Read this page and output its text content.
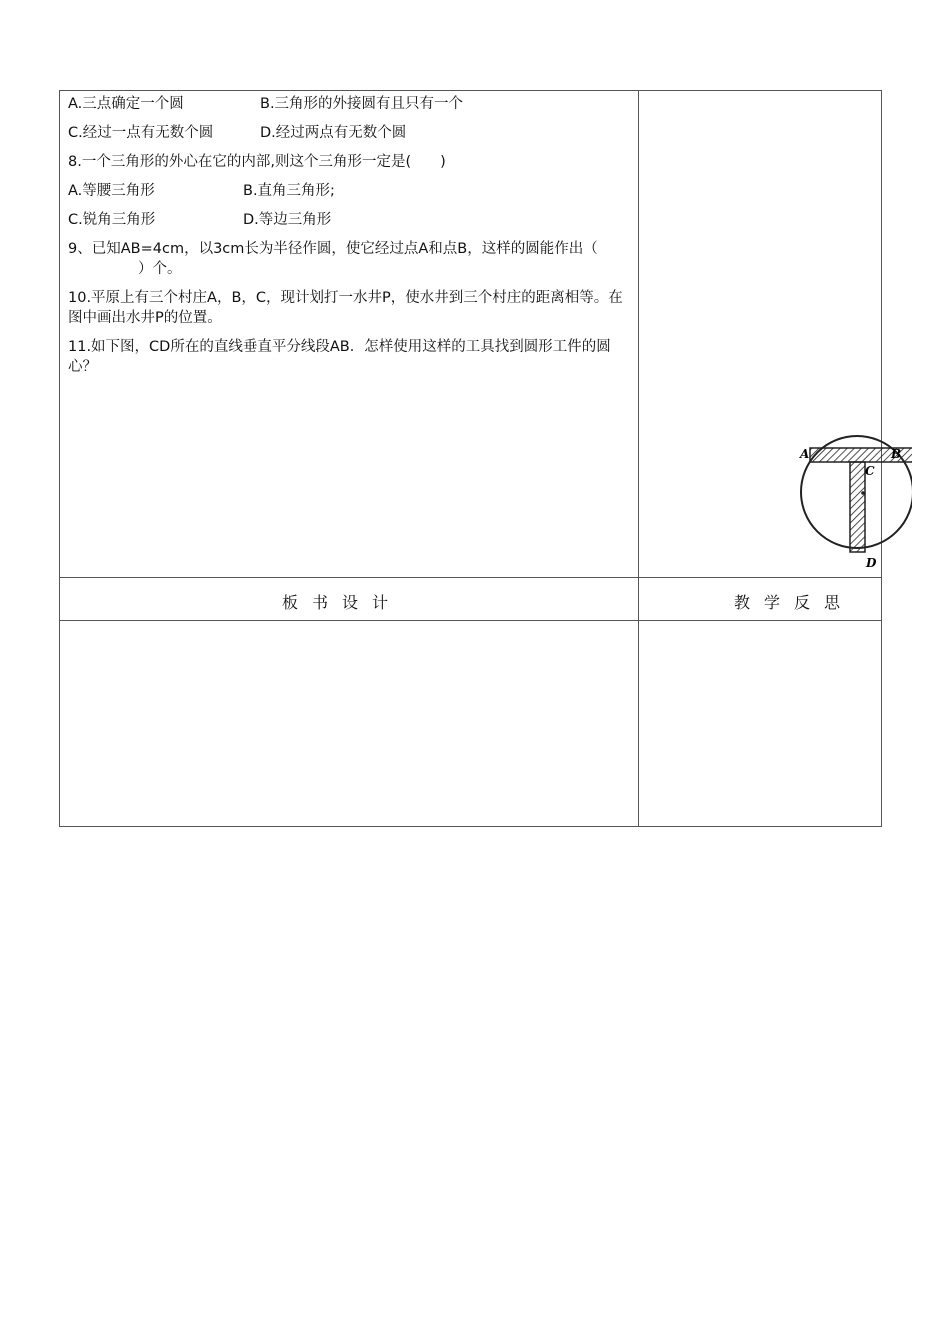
A.三点确定一个圆	B.三角形的外接圆有且只有一个

C.经过一点有无数个圆	D.经过两点有无数个圆

8.一个三角形的外心在它的内部,则这个三角形一定是(　　)

A.等腰三角形	B.直角三角形;

C.锐角三角形	D.等边三角形

9、已知AB=4cm，以3cm长为半径作圆，使它经过点A和点B，这样的圆能作出（）个。

10.平原上有三个村庄A，B，C，现计划打一水井P，使水井到三个村庄的距离相等。在图中画出水井P的位置。

11.如下图，CD所在的直线垂直平分线段AB．怎样使用这样的工具找到圆形工件的圆心？

板书设计	教学反思
A	B
C
D
